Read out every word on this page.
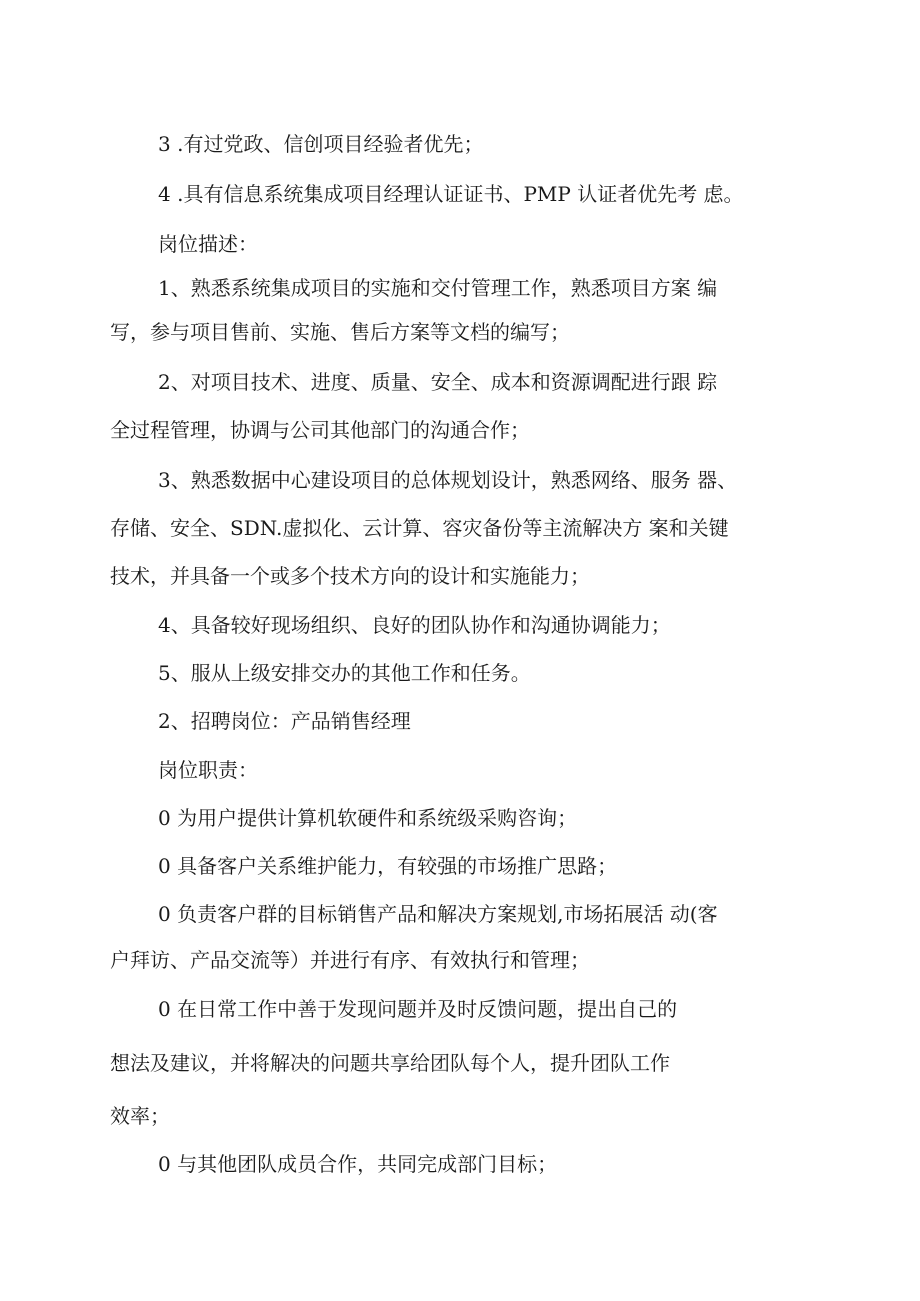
3 .有过党政、信创项目经验者优先；
4 .具有信息系统集成项目经理认证证书、PMP 认证者优先考 虑。
岗位描述：
1、熟悉系统集成项目的实施和交付管理工作，熟悉项目方案 编
写，参与项目售前、实施、售后方案等文档的编写；
2、对项目技术、进度、质量、安全、成本和资源调配进行跟 踪
全过程管理，协调与公司其他部门的沟通合作；
3、熟悉数据中心建设项目的总体规划设计，熟悉网络、服务 器、
存储、安全、SDN.虚拟化、云计算、容灾备份等主流解决方 案和关键
技术，并具备一个或多个技术方向的设计和实施能力；
4、具备较好现场组织、良好的团队协作和沟通协调能力；
5、服从上级安排交办的其他工作和任务。
2、招聘岗位：产品销售经理
岗位职责：
0 为用户提供计算机软硬件和系统级采购咨询；
0 具备客户关系维护能力，有较强的市场推广思路；
0 负责客户群的目标销售产品和解决方案规划,市场拓展活 动(客
户拜访、产品交流等）并进行有序、有效执行和管理；
0 在日常工作中善于发现问题并及时反馈问题，提出自己的
想法及建议，并将解决的问题共享给团队每个人，提升团队工作
效率；
0 与其他团队成员合作，共同完成部门目标；
